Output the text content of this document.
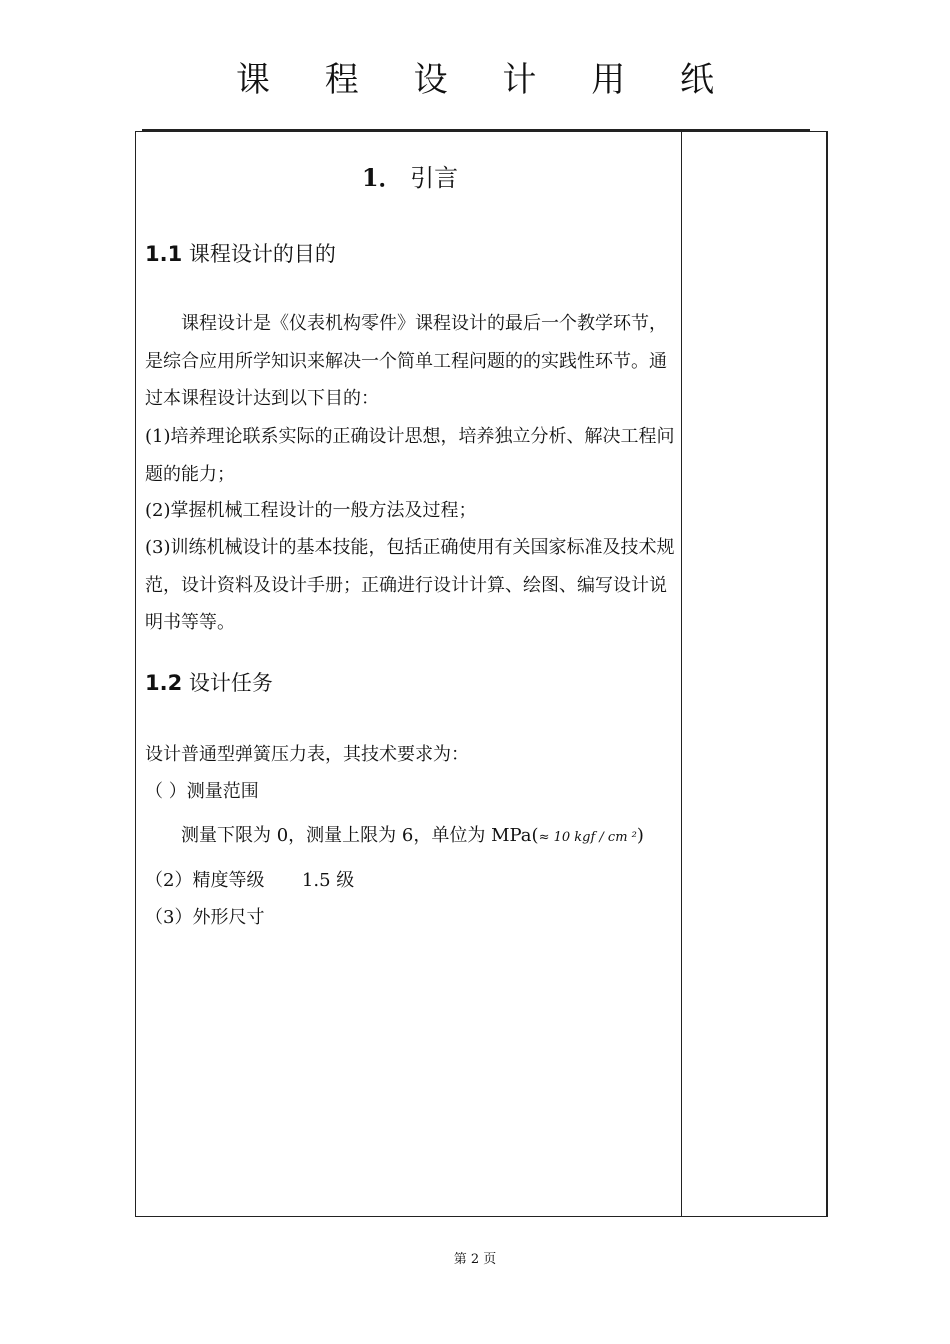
课 程 设 计 用 纸
1． 引言
1.1 课程设计的目的
课程设计是《仪表机构零件》课程设计的最后一个教学环节，是综合应用所学知识来解决一个简单工程问题的的实践性环节。通过本课程设计达到以下目的：
(1)培养理论联系实际的正确设计思想，培养独立分析、解决工程问题的能力；
(2)掌握机械工程设计的一般方法及过程；
(3)训练机械设计的基本技能，包括正确使用有关国家标准及技术规范，设计资料及设计手册；正确进行设计计算、绘图、编写设计说明书等等。
1.2 设计任务
设计普通型弹簧压力表，其技术要求为：
（ ）测量范围
测量下限为 0，测量上限为 6，单位为 MPa(≈ 10 kgf / cm ²)
（2）精度等级 1.5 级
（3）外形尺寸
第 2 页
